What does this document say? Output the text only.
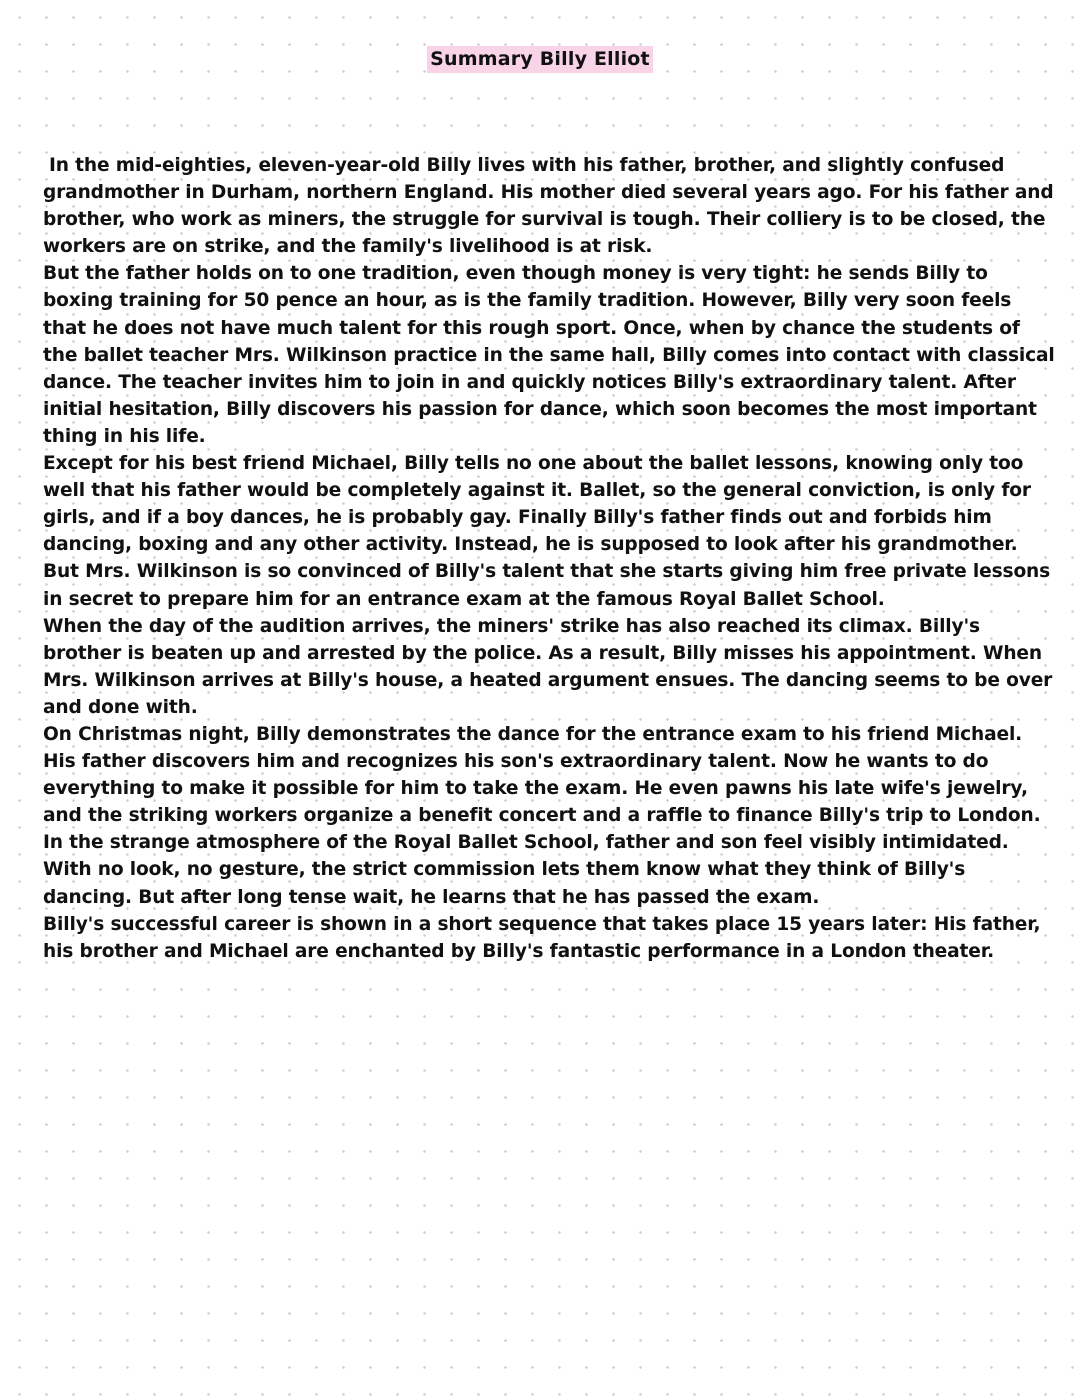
Summary Billy Elliot

In the mid-eighties, eleven-year-old Billy lives with his father, brother, and slightly confused grandmother in Durham, northern England. His mother died several years ago. For his father and brother, who work as miners, the struggle for survival is tough. Their colliery is to be closed, the workers are on strike, and the family's livelihood is at risk.

But the father holds on to one tradition, even though money is very tight: he sends Billy to boxing training for 50 pence an hour, as is the family tradition. However, Billy very soon feels that he does not have much talent for this rough sport. Once, when by chance the students of the ballet teacher Mrs. Wilkinson practice in the same hall, Billy comes into contact with classical dance. The teacher invites him to join in and quickly notices Billy's extraordinary talent. After initial hesitation, Billy discovers his passion for dance, which soon becomes the most important thing in his life.

Except for his best friend Michael, Billy tells no one about the ballet lessons, knowing only too well that his father would be completely against it. Ballet, so the general conviction, is only for girls, and if a boy dances, he is probably gay. Finally Billy's father finds out and forbids him dancing, boxing and any other activity. Instead, he is supposed to look after his grandmother. But Mrs. Wilkinson is so convinced of Billy's talent that she starts giving him free private lessons in secret to prepare him for an entrance exam at the famous Royal Ballet School.

When the day of the audition arrives, the miners' strike has also reached its climax. Billy's brother is beaten up and arrested by the police. As a result, Billy misses his appointment. When Mrs. Wilkinson arrives at Billy's house, a heated argument ensues. The dancing seems to be over and done with.

On Christmas night, Billy demonstrates the dance for the entrance exam to his friend Michael. His father discovers him and recognizes his son's extraordinary talent. Now he wants to do everything to make it possible for him to take the exam. He even pawns his late wife's jewelry, and the striking workers organize a benefit concert and a raffle to finance Billy's trip to London.

In the strange atmosphere of the Royal Ballet School, father and son feel visibly intimidated. With no look, no gesture, the strict commission lets them know what they think of Billy's dancing. But after long tense wait, he learns that he has passed the exam.

Billy's successful career is shown in a short sequence that takes place 15 years later: His father, his brother and Michael are enchanted by Billy's fantastic performance in a London theater.
